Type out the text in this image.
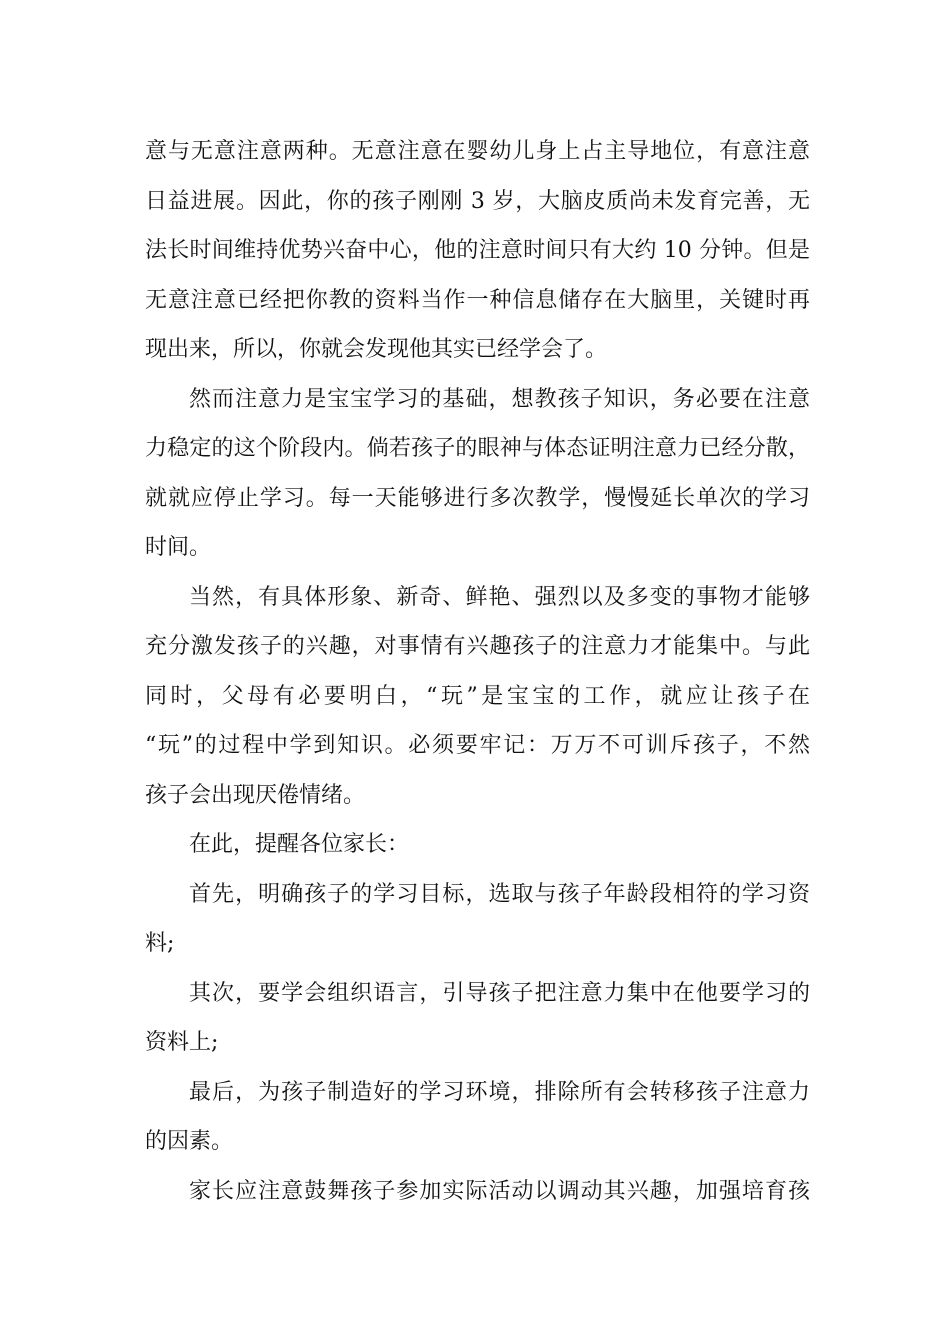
意与无意注意两种。无意注意在婴幼儿身上占主导地位，有意注意
日益进展。因此，你的孩子刚刚 3 岁，大脑皮质尚未发育完善，无
法长时间维持优势兴奋中心，他的注意时间只有大约 10 分钟。但是
无意注意已经把你教的资料当作一种信息储存在大脑里，关键时再
现出来，所以，你就会发现他其实已经学会了。
然而注意力是宝宝学习的基础，想教孩子知识，务必要在注意
力稳定的这个阶段内。倘若孩子的眼神与体态证明注意力已经分散，
就就应停止学习。每一天能够进行多次教学，慢慢延长单次的学习
时间。
当然，有具体形象、新奇、鲜艳、强烈以及多变的事物才能够
充分激发孩子的兴趣，对事情有兴趣孩子的注意力才能集中。与此
同时，父母有必要明白，“玩”是宝宝的工作，就应让孩子在
“玩”的过程中学到知识。必须要牢记：万万不可训斥孩子，不然
孩子会出现厌倦情绪。
在此，提醒各位家长：
首先，明确孩子的学习目标，选取与孩子年龄段相符的学习资
料;
其次，要学会组织语言，引导孩子把注意力集中在他要学习的
资料上;
最后，为孩子制造好的学习环境，排除所有会转移孩子注意力
的因素。
家长应注意鼓舞孩子参加实际活动以调动其兴趣，加强培育孩
